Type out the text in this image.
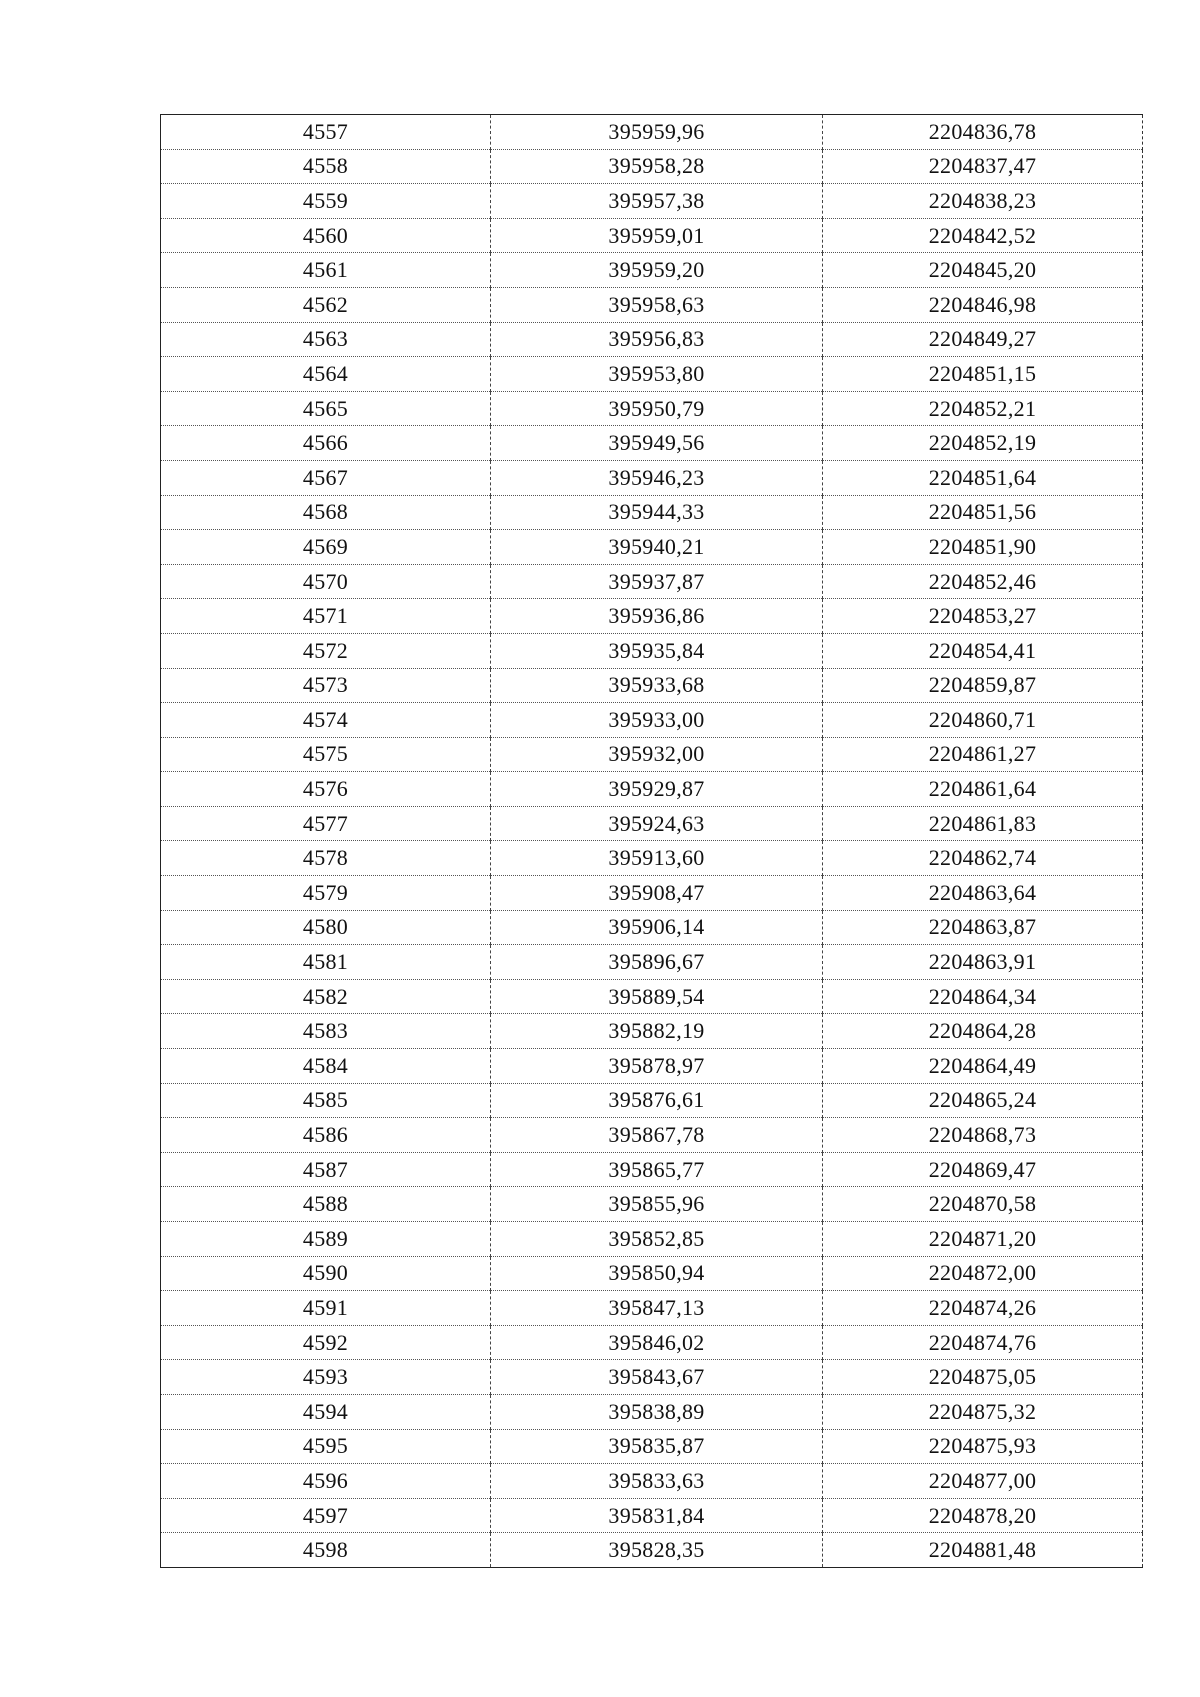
4557	395959,96	2204836,78
4558	395958,28	2204837,47
4559	395957,38	2204838,23
4560	395959,01	2204842,52
4561	395959,20	2204845,20
4562	395958,63	2204846,98
4563	395956,83	2204849,27
4564	395953,80	2204851,15
4565	395950,79	2204852,21
4566	395949,56	2204852,19
4567	395946,23	2204851,64
4568	395944,33	2204851,56
4569	395940,21	2204851,90
4570	395937,87	2204852,46
4571	395936,86	2204853,27
4572	395935,84	2204854,41
4573	395933,68	2204859,87
4574	395933,00	2204860,71
4575	395932,00	2204861,27
4576	395929,87	2204861,64
4577	395924,63	2204861,83
4578	395913,60	2204862,74
4579	395908,47	2204863,64
4580	395906,14	2204863,87
4581	395896,67	2204863,91
4582	395889,54	2204864,34
4583	395882,19	2204864,28
4584	395878,97	2204864,49
4585	395876,61	2204865,24
4586	395867,78	2204868,73
4587	395865,77	2204869,47
4588	395855,96	2204870,58
4589	395852,85	2204871,20
4590	395850,94	2204872,00
4591	395847,13	2204874,26
4592	395846,02	2204874,76
4593	395843,67	2204875,05
4594	395838,89	2204875,32
4595	395835,87	2204875,93
4596	395833,63	2204877,00
4597	395831,84	2204878,20
4598	395828,35	2204881,48
